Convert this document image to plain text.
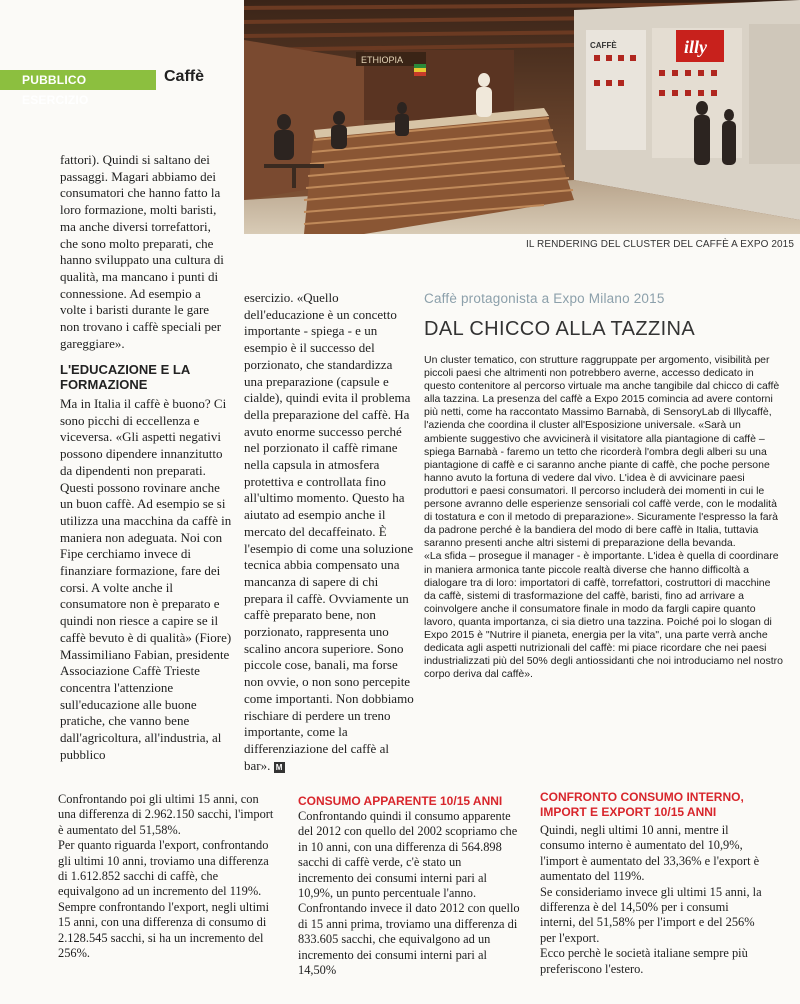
PUBBLICO ESERCIZIO
Caffè
ETHIOPIA
CAFFÈ	illy
IL RENDERING DEL CLUSTER DEL CAFFÈ A EXPO 2015

fattori). Quindi si saltano dei passaggi. Magari abbiamo dei consumatori che hanno fatto la loro formazione, molti baristi, ma anche diversi torrefattori, che sono molto preparati, che hanno sviluppato una cultura di qualità, ma mancano i punti di connessione. Ad esempio a volte i baristi durante le gare non trovano i caffè speciali per gareggiare».

L'EDUCAZIONE E LA FORMAZIONE

Ma in Italia il caffè è buono? Ci sono picchi di eccellenza e viceversa. «Gli aspetti negativi possono dipendere innanzitutto da dipendenti non preparati. Questi possono rovinare anche un buon caffè. Ad esempio se si utilizza una macchina da caffè in maniera non adeguata. Noi con Fipe cerchiamo invece di finanziare formazione, fare dei corsi. A volte anche il consumatore non è preparato e quindi non riesce a capire se il caffè bevuto è di qualità» (Fiore) Massimiliano Fabian, presidente Associazione Caffè Trieste concentra l'attenzione sull'educazione alle buone pratiche, che vanno bene dall'agricoltura, all'industria, al pubblico

esercizio. «Quello dell'educazione è un concetto importante - spiega - e un esempio è il successo del porzionato, che standardizza una preparazione (capsule e cialde), quindi evita il problema della preparazione del caffè. Ha avuto enorme successo perché nel porzionato il caffè rimane nella capsula in atmosfera protettiva e controllata fino all'ultimo momento. Questo ha aiutato ad esempio anche il mercato del decaffeinato. È l'esempio di come una soluzione tecnica abbia compensato una mancanza di sapere di chi prepara il caffè. Ovviamente un caffè preparato bene, non porzionato, rappresenta uno scalino ancora superiore. Sono piccole cose, banali, ma forse non ovvie, o non sono percepite come importanti. Non dobbiamo rischiare di perdere un treno importante, come la differenziazione del caffè al bar». M

Caffè protagonista a Expo Milano 2015
DAL CHICCO ALLA TAZZINA

Un cluster tematico, con strutture raggruppate per argomento, visibilità per piccoli paesi che altrimenti non potrebbero averne, accesso dedicato in questo contenitore al percorso virtuale ma anche tangibile dal chicco di caffè alla tazzina. La presenza del caffè a Expo 2015 comincia ad avere contorni più netti, come ha raccontato Massimo Barnabà, di SensoryLab di Illycaffè, l'azienda che coordina il cluster all'Esposizione universale. «Sarà un ambiente suggestivo che avvicinerà il visitatore alla piantagione di caffè – spiega Barnabà - faremo un tetto che ricorderà l'ombra degli alberi su una piantagione di caffè e ci saranno anche piante di caffè, che poche persone hanno avuto la fortuna di vedere dal vivo. L'idea è di avvicinare paesi produttori e paesi consumatori. Il percorso includerà dei momenti in cui le persone avranno delle esperienze sensoriali col caffè verde, con le modalità di tostatura e con il metodo di preparazione». Sicuramente l'espresso la farà da padrone perché è la bandiera del modo di bere caffè in Italia, tuttavia saranno presenti anche altri sistemi di preparazione della bevanda.

«La sfida – prosegue il manager - è importante. L'idea è quella di coordinare in maniera armonica tante piccole realtà diverse che hanno difficoltà a dialogare tra di loro: importatori di caffè, torrefattori, costruttori di macchine da caffè, sistemi di trasformazione del caffè, baristi, fino ad arrivare a coinvolgere anche il consumatore finale in modo da fargli capire quanto lavoro, quanta importanza, ci sia dietro una tazzina. Poiché poi lo slogan di Expo 2015 è "Nutrire il pianeta, energia per la vita", una parte verrà anche dedicata agli aspetti nutrizionali del caffè: mi piace ricordare che nei paesi industrializzati più del 50% degli antiossidanti che noi introduciamo nel nostro corpo deriva dal caffè».

Confrontando poi gli ultimi 15 anni, con una differenza di 2.962.150 sacchi, l'import è aumentato del 51,58%.

Per quanto riguarda l'export, confrontando gli ultimi 10 anni, troviamo una differenza di 1.612.852 sacchi di caffè, che equivalgono ad un incremento del 119%.

Sempre confrontando l'export, negli ultimi 15 anni, con una differenza di consumo di 2.128.545 sacchi, si ha un incremento del 256%.

CONSUMO APPARENTE 10/15 ANNI

Confrontando quindi il consumo apparente del 2012 con quello del 2002 scopriamo che in 10 anni, con una differenza di 564.898 sacchi di caffè verde, c'è stato un incremento dei consumi interni pari al 10,9%, un punto percentuale l'anno.

Confrontando invece il dato 2012 con quello di 15 anni prima, troviamo una differenza di 833.605 sacchi, che equivalgono ad un incremento dei consumi interni pari al 14,50%

CONFRONTO CONSUMO INTERNO, IMPORT E EXPORT 10/15 ANNI

Quindi, negli ultimi 10 anni, mentre il consumo interno è aumentato del 10,9%, l'import è aumentato del 33,36% e l'export è aumentato del 119%.

Se consideriamo invece gli ultimi 15 anni, la differenza è del 14,50% per i consumi interni, del 51,58% per l'import e del 256% per l'export.

Ecco perchè le società italiane sempre più preferiscono l'estero.
